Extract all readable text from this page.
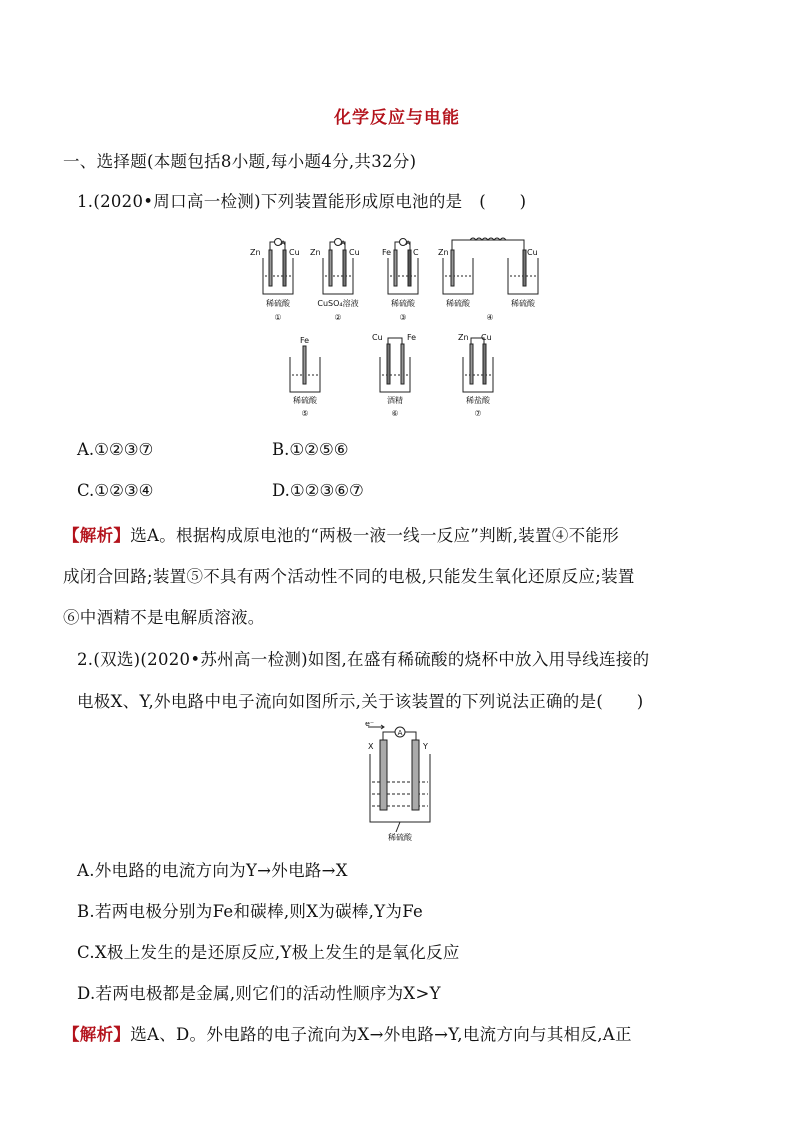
化学反应与电能
一、选择题(本题包括8小题,每小题4分,共32分)
1.(2020•周口高一检测)下列装置能形成原电池的是　(　　)
A	A	A
Zn	Cu Zn	Cu	Fe	C Zn	Cu
Fe	Cu	Fe	Zn Cu
稀硫酸	CuSO₄溶液	稀硫酸	稀硫酸	稀硫酸
稀硫酸	酒精	稀盐酸
①	②	③	④
⑤	⑥	⑦
A.①②③⑦	B.①②⑤⑥
C.①②③④	D.①②③⑥⑦
【解析】选A。根据构成原电池的“两极一液一线一反应”判断,装置④不能形
成闭合回路;装置⑤不具有两个活动性不同的电极,只能发生氧化还原反应;装置
⑥中酒精不是电解质溶液。
2.(双选)(2020•苏州高一检测)如图,在盛有稀硫酸的烧杯中放入用导线连接的
电极X、Y,外电路中电子流向如图所示,关于该装置的下列说法正确的是(　　)
A
e⁻
X	Y
稀硫酸
A.外电路的电流方向为Y→外电路→X
B.若两电极分别为Fe和碳棒,则X为碳棒,Y为Fe
C.X极上发生的是还原反应,Y极上发生的是氧化反应
D.若两电极都是金属,则它们的活动性顺序为X>Y
【解析】选A、D。外电路的电子流向为X→外电路→Y,电流方向与其相反,A正
